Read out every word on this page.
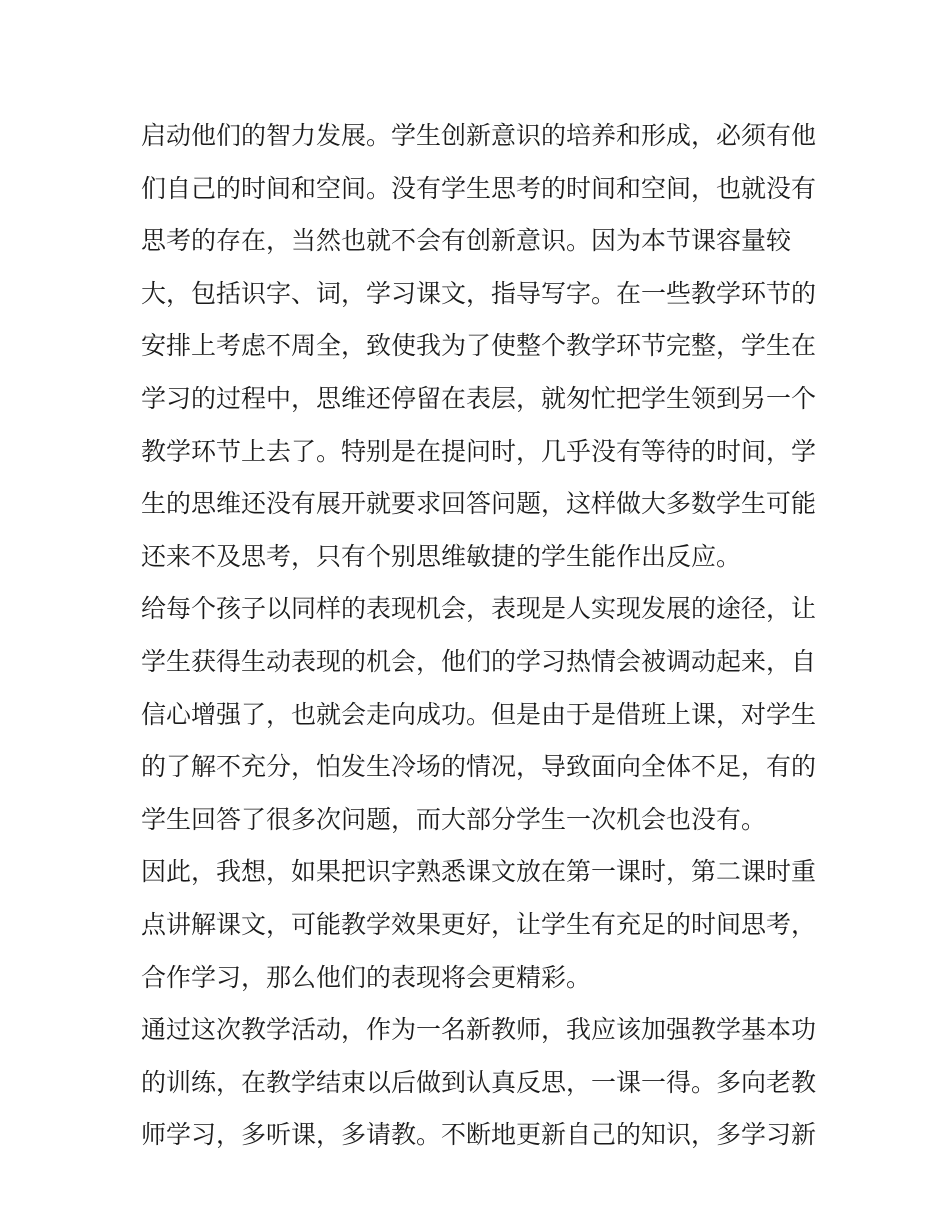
启动他们的智力发展。学生创新意识的培养和形成，必须有他
们自己的时间和空间。没有学生思考的时间和空间，也就没有
思考的存在，当然也就不会有创新意识。因为本节课容量较
大，包括识字、词，学习课文，指导写字。在一些教学环节的
安排上考虑不周全，致使我为了使整个教学环节完整，学生在
学习的过程中，思维还停留在表层，就匆忙把学生领到另一个
教学环节上去了。特别是在提问时，几乎没有等待的时间，学
生的思维还没有展开就要求回答问题，这样做大多数学生可能
还来不及思考，只有个别思维敏捷的学生能作出反应。
给每个孩子以同样的表现机会，表现是人实现发展的途径，让
学生获得生动表现的机会，他们的学习热情会被调动起来，自
信心增强了，也就会走向成功。但是由于是借班上课，对学生
的了解不充分，怕发生冷场的情况，导致面向全体不足，有的
学生回答了很多次问题，而大部分学生一次机会也没有。
因此，我想，如果把识字熟悉课文放在第一课时，第二课时重
点讲解课文，可能教学效果更好，让学生有充足的时间思考，
合作学习，那么他们的表现将会更精彩。
通过这次教学活动，作为一名新教师，我应该加强教学基本功
的训练，在教学结束以后做到认真反思，一课一得。多向老教
师学习，多听课，多请教。不断地更新自己的知识，多学习新
